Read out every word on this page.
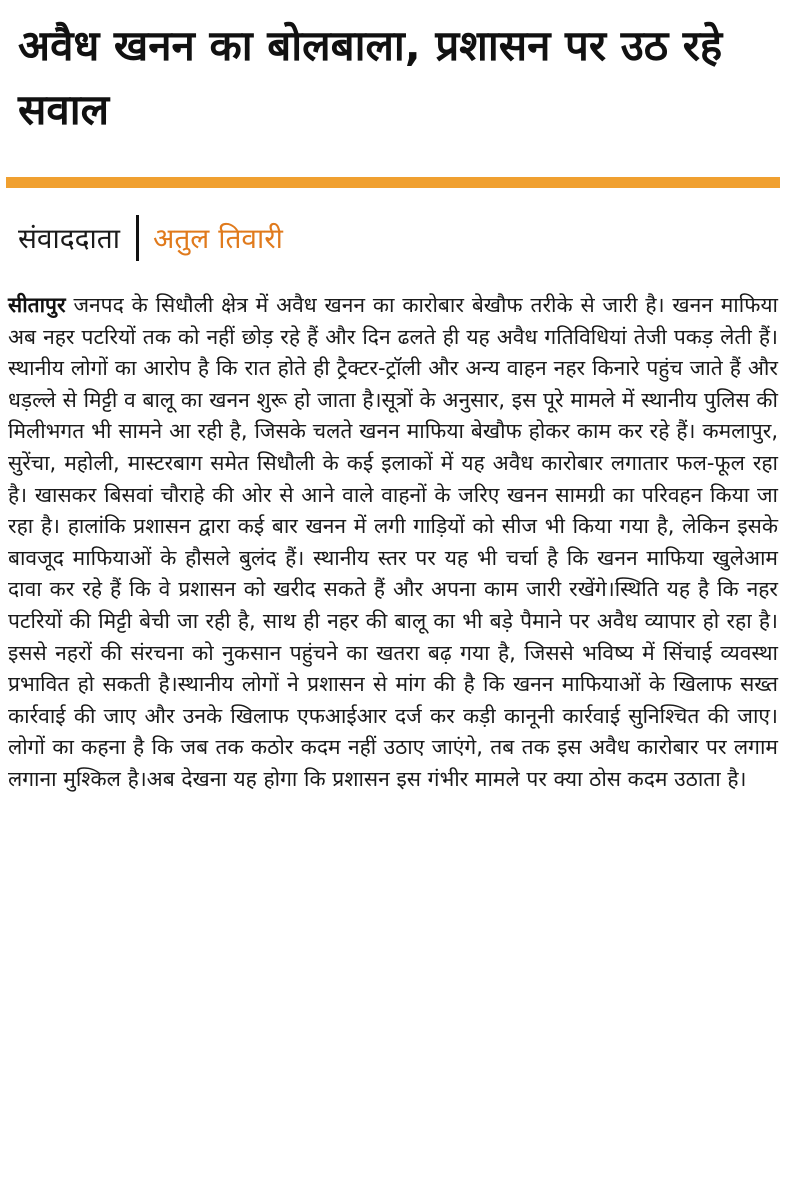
अवैध खनन का बोलबाला, प्रशासन पर उठ रहे सवाल
संवाददाता अतुल तिवारी

सीतापुर जनपद के सिधौली क्षेत्र में अवैध खनन का कारोबार बेखौफ तरीके से जारी है। खनन माफिया अब नहर पटरियों तक को नहीं छोड़ रहे हैं और दिन ढलते ही यह अवैध गतिविधियां तेजी पकड़ लेती हैं। स्थानीय लोगों का आरोप है कि रात होते ही ट्रैक्टर-ट्रॉली और अन्य वाहन नहर किनारे पहुंच जाते हैं और धड़ल्ले से मिट्टी व बालू का खनन शुरू हो जाता है।सूत्रों के अनुसार, इस पूरे मामले में स्थानीय पुलिस की मिलीभगत भी सामने आ रही है, जिसके चलते खनन माफिया बेखौफ होकर काम कर रहे हैं। कमलापुर, सुरेंचा, महोली, मास्टरबाग समेत सिधौली के कई इलाकों में यह अवैध कारोबार लगातार फल-फूल रहा है। खासकर बिसवां चौराहे की ओर से आने वाले वाहनों के जरिए खनन सामग्री का परिवहन किया जा रहा है। हालांकि प्रशासन द्वारा कई बार खनन में लगी गाड़ियों को सीज भी किया गया है, लेकिन इसके बावजूद माफियाओं के हौसले बुलंद हैं। स्थानीय स्तर पर यह भी चर्चा है कि खनन माफिया खुलेआम दावा कर रहे हैं कि वे प्रशासन को खरीद सकते हैं और अपना काम जारी रखेंगे।स्थिति यह है कि नहर पटरियों की मिट्टी बेची जा रही है, साथ ही नहर की बालू का भी बड़े पैमाने पर अवैध व्यापार हो रहा है। इससे नहरों की संरचना को नुकसान पहुंचने का खतरा बढ़ गया है, जिससे भविष्य में सिंचाई व्यवस्था प्रभावित हो सकती है।स्थानीय लोगों ने प्रशासन से मांग की है कि खनन माफियाओं के खिलाफ सख्त कार्रवाई की जाए और उनके खिलाफ एफआईआर दर्ज कर कड़ी कानूनी कार्रवाई सुनिश्चित की जाए। लोगों का कहना है कि जब तक कठोर कदम नहीं उठाए जाएंगे, तब तक इस अवैध कारोबार पर लगाम लगाना मुश्किल है।अब देखना यह होगा कि प्रशासन इस गंभीर मामले पर क्या ठोस कदम उठाता है।
